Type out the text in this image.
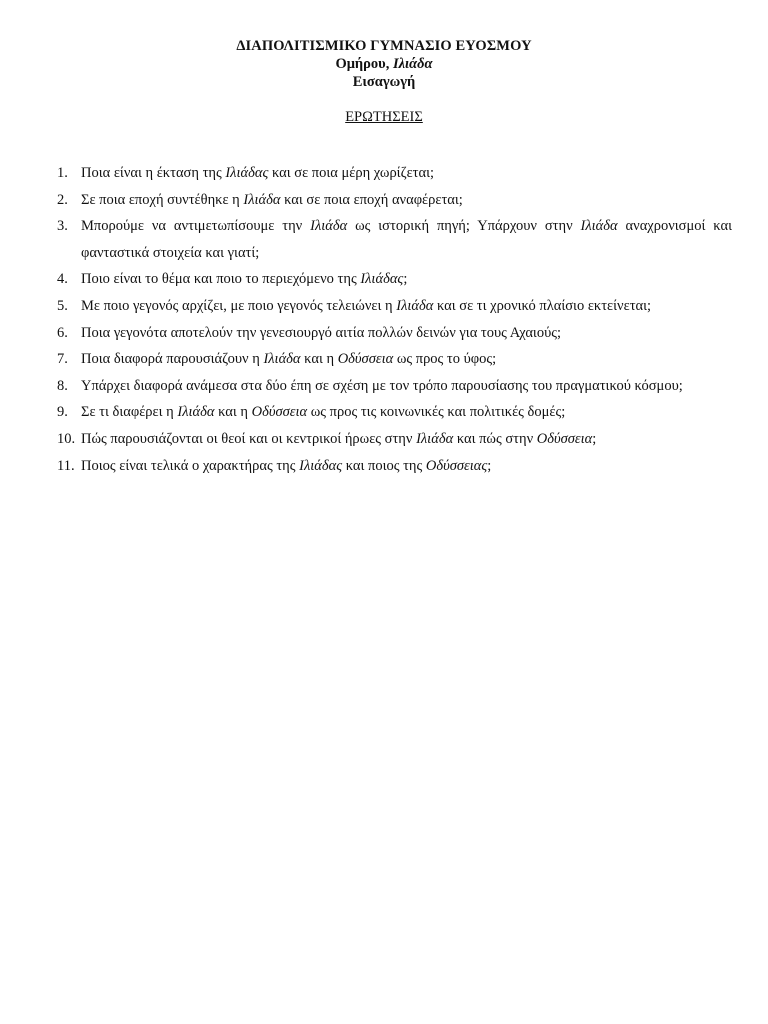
ΔΙΑΠΟΛΙΤΙΣΜΙΚΟ ΓΥΜΝΑΣΙΟ ΕΥΟΣΜΟΥ
Ομήρου, Ιλιάδα
Εισαγωγή
ΕΡΩΤΗΣΕΙΣ
1. Ποια είναι η έκταση της Ιλιάδας και σε ποια μέρη χωρίζεται;
2. Σε ποια εποχή συντέθηκε η Ιλιάδα και σε ποια εποχή αναφέρεται;
3. Μπορούμε να αντιμετωπίσουμε την Ιλιάδα ως ιστορική πηγή; Υπάρχουν στην Ιλιάδα αναχρονισμοί και φανταστικά στοιχεία και γιατί;
4. Ποιο είναι το θέμα και ποιο το περιεχόμενο της Ιλιάδας;
5. Με ποιο γεγονός αρχίζει, με ποιο γεγονός τελειώνει η Ιλιάδα και σε τι χρονικό πλαίσιο εκτείνεται;
6. Ποια γεγονότα αποτελούν την γενεσιουργό αιτία πολλών δεινών για τους Αχαιούς;
7. Ποια διαφορά παρουσιάζουν η Ιλιάδα και η Οδύσσεια ως προς το ύφος;
8. Υπάρχει διαφορά ανάμεσα στα δύο έπη σε σχέση με τον τρόπο παρουσίασης του πραγματικού κόσμου;
9. Σε τι διαφέρει η Ιλιάδα και η Οδύσσεια ως προς τις κοινωνικές και πολιτικές δομές;
10. Πώς παρουσιάζονται οι θεοί και οι κεντρικοί ήρωες στην Ιλιάδα και πώς στην Οδύσσεια;
11. Ποιος είναι τελικά ο χαρακτήρας της Ιλιάδας και ποιος της Οδύσσειας;
